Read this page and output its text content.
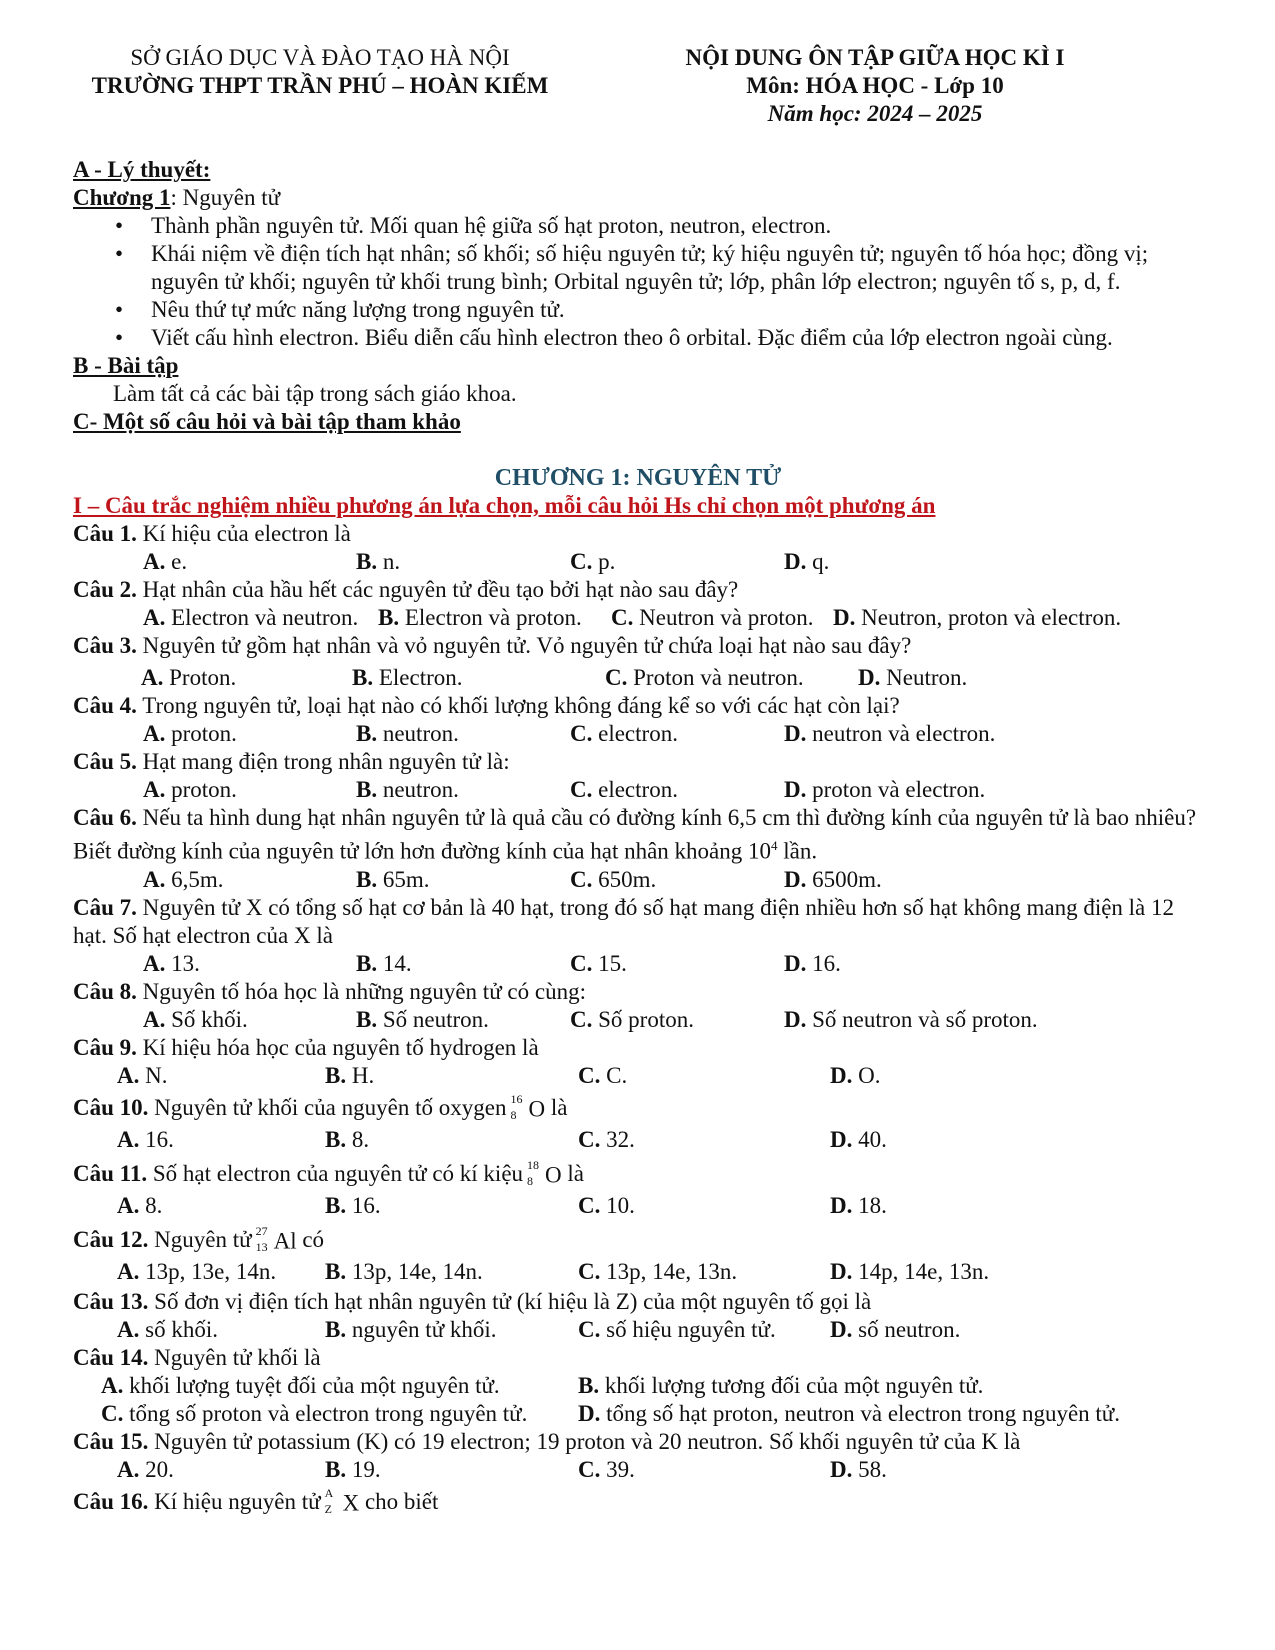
SỞ GIÁO DỤC VÀ ĐÀO TẠO HÀ NỘI
TRƯỜNG THPT TRẦN PHÚ – HOÀN KIẾM
NỘI DUNG ÔN TẬP GIỮA HỌC KÌ I
Môn: HÓA HỌC - Lớp 10
Năm học: 2024 – 2025
A - Lý thuyết:
Chương 1: Nguyên tử

• Thành phần nguyên tử. Mối quan hệ giữa số hạt proton, neutron, electron.

• Khái niệm về điện tích hạt nhân; số khối; số hiệu nguyên tử; ký hiệu nguyên tử; nguyên tố hóa học; đồng vị; nguyên tử khối; nguyên tử khối trung bình; Orbital nguyên tử; lớp, phân lớp electron; nguyên tố s, p, d, f.

• Nêu thứ tự mức năng lượng trong nguyên tử.

• Viết cấu hình electron. Biểu diễn cấu hình electron theo ô orbital. Đặc điểm của lớp electron ngoài cùng.

B - Bài tập
Làm tất cả các bài tập trong sách giáo khoa.
C- Một số câu hỏi và bài tập tham khảo
CHƯƠNG 1: NGUYÊN TỬ
I – Câu trắc nghiệm nhiều phương án lựa chọn, mỗi câu hỏi Hs chỉ chọn một phương án

Câu 1. Kí hiệu của electron là

A. e.	B. n.	C. p.	D. q.

Câu 2. Hạt nhân của hầu hết các nguyên tử đều tạo bởi hạt nào sau đây?

A. Electron và neutron. B. Electron và proton. C. Neutron và proton. D. Neutron, proton và electron.

Câu 3. Nguyên tử gồm hạt nhân và vỏ nguyên tử. Vỏ nguyên tử chứa loại hạt nào sau đây?

A. Proton.	B. Electron.	C. Proton và neutron. D. Neutron.

Câu 4. Trong nguyên tử, loại hạt nào có khối lượng không đáng kể so với các hạt còn lại?

A. proton.	B. neutron.	C. electron.	D. neutron và electron.

Câu 5. Hạt mang điện trong nhân nguyên tử là:

A. proton.	B. neutron.	C. electron.	D. proton và electron.

Câu 6. Nếu ta hình dung hạt nhân nguyên tử là quả cầu có đường kính 6,5 cm thì đường kính của nguyên tử là bao nhiêu? Biết đường kính của nguyên tử lớn hơn đường kính của hạt nhân khoảng $10^4$ lần.

A. 6,5m.	B. 65m.	C. 650m.	D. 6500m.

Câu 7. Nguyên tử X có tổng số hạt cơ bản là 40 hạt, trong đó số hạt mang điện nhiều hơn số hạt không mang điện là 12 hạt. Số hạt electron của X là

A. 13.	B. 14.	C. 15.	D. 16.

Câu 8. Nguyên tố hóa học là những nguyên tử có cùng:

A. Số khối.	B. Số neutron.	C. Số proton.	D. Số neutron và số proton.

Câu 9. Kí hiệu hóa học của nguyên tố hydrogen là

A. N.	B. H.	C. C.	D. O.

Câu 10. Nguyên tử khối của nguyên tố oxygen 16
8 O là

A. 16.	B. 8.	C. 32.	D. 40.

Câu 11. Số hạt electron của nguyên tử có kí kiệu 18
8 O là

A. 8.	B. 16.	C. 10.	D. 18.

Câu 12. Nguyên tử 27
13 Al có

A. 13p, 13e, 14n. B. 13p, 14e, 14n.	C. 13p, 14e, 13n.	D. 14p, 14e, 13n.

Câu 13. Số đơn vị điện tích hạt nhân nguyên tử (kí hiệu là Z) của một nguyên tố gọi là

A. số khối.	B. nguyên tử khối.	C. số hiệu nguyên tử. D. số neutron.

Câu 14. Nguyên tử khối là

A. khối lượng tuyệt đối của một nguyên tử.	B. khối lượng tương đối của một nguyên tử.
C. tổng số proton và electron trong nguyên tử. D. tổng số hạt proton, neutron và electron trong nguyên tử.

Câu 15. Nguyên tử potassium (K) có 19 electron; 19 proton và 20 neutron. Số khối nguyên tử của K là

A. 20.	B. 19.	C. 39.	D. 58.

Câu 16. Kí hiệu nguyên tử A
Z X cho biết
